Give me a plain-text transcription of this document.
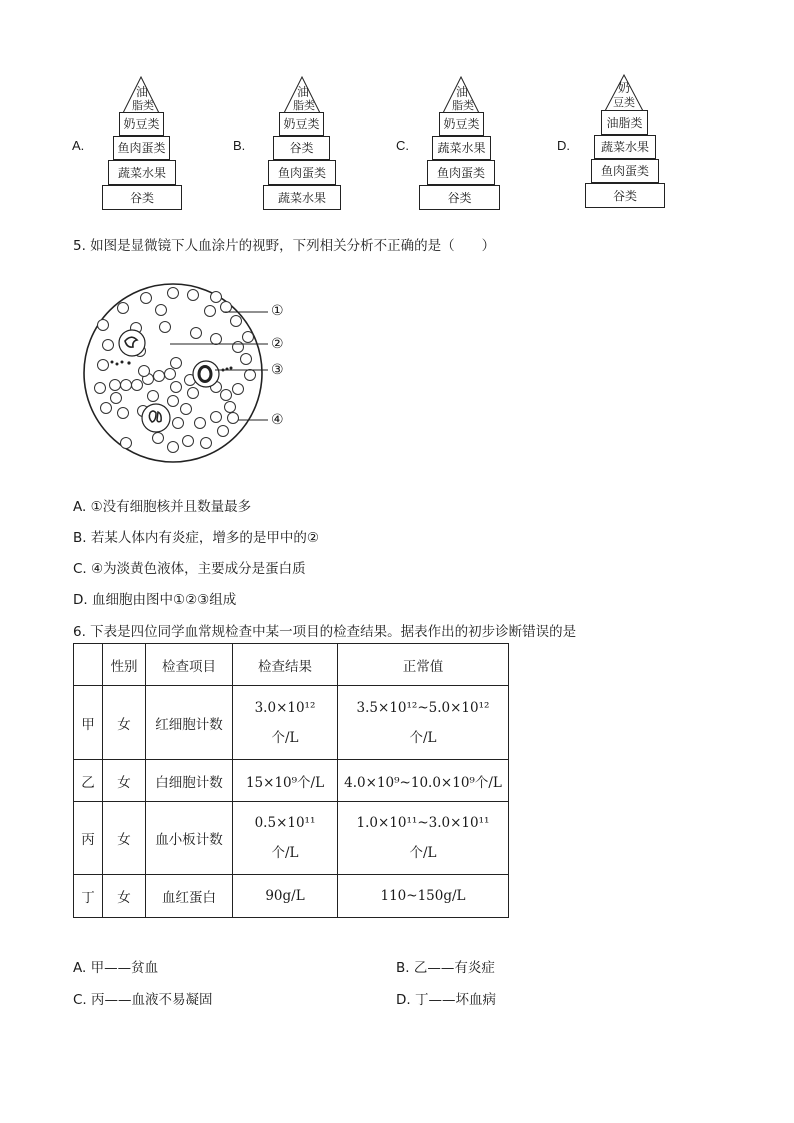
A.
油
脂类
奶豆类
鱼肉蛋类
蔬菜水果
谷类
B.
油
脂类
奶豆类
谷类
鱼肉蛋类
蔬菜水果
C.
油
脂类
奶豆类
蔬菜水果
鱼肉蛋类
谷类
D.
奶
豆类
油脂类
蔬菜水果
鱼肉蛋类
谷类
5. 如图是显微镜下人血涂片的视野，下列相关分析不正确的是（　　）
①
②
③
④
A. ①没有细胞核并且数量最多
B. 若某人体内有炎症，增多的是甲中的②
C. ④为淡黄色液体，主要成分是蛋白质
D. 血细胞由图中①②③组成
6. 下表是四位同学血常规检查中某一项目的检查结果。据表作出的初步诊断错误的是
	性别	检查项目	检查结果	正常值
甲	女	红细胞计数	3.0×10¹²个/L	3.5×10¹²~5.0×10¹²个/L
乙	女	白细胞计数	15×10⁹个/L	4.0×10⁹~10.0×10⁹个/L
丙	女	血小板计数	0.5×10¹¹个/L	1.0×10¹¹~3.0×10¹¹个/L
丁	女	血红蛋白	90g/L	110~150g/L
A. 甲——贫血	B. 乙——有炎症
C. 丙——血液不易凝固	D. 丁——坏血病
